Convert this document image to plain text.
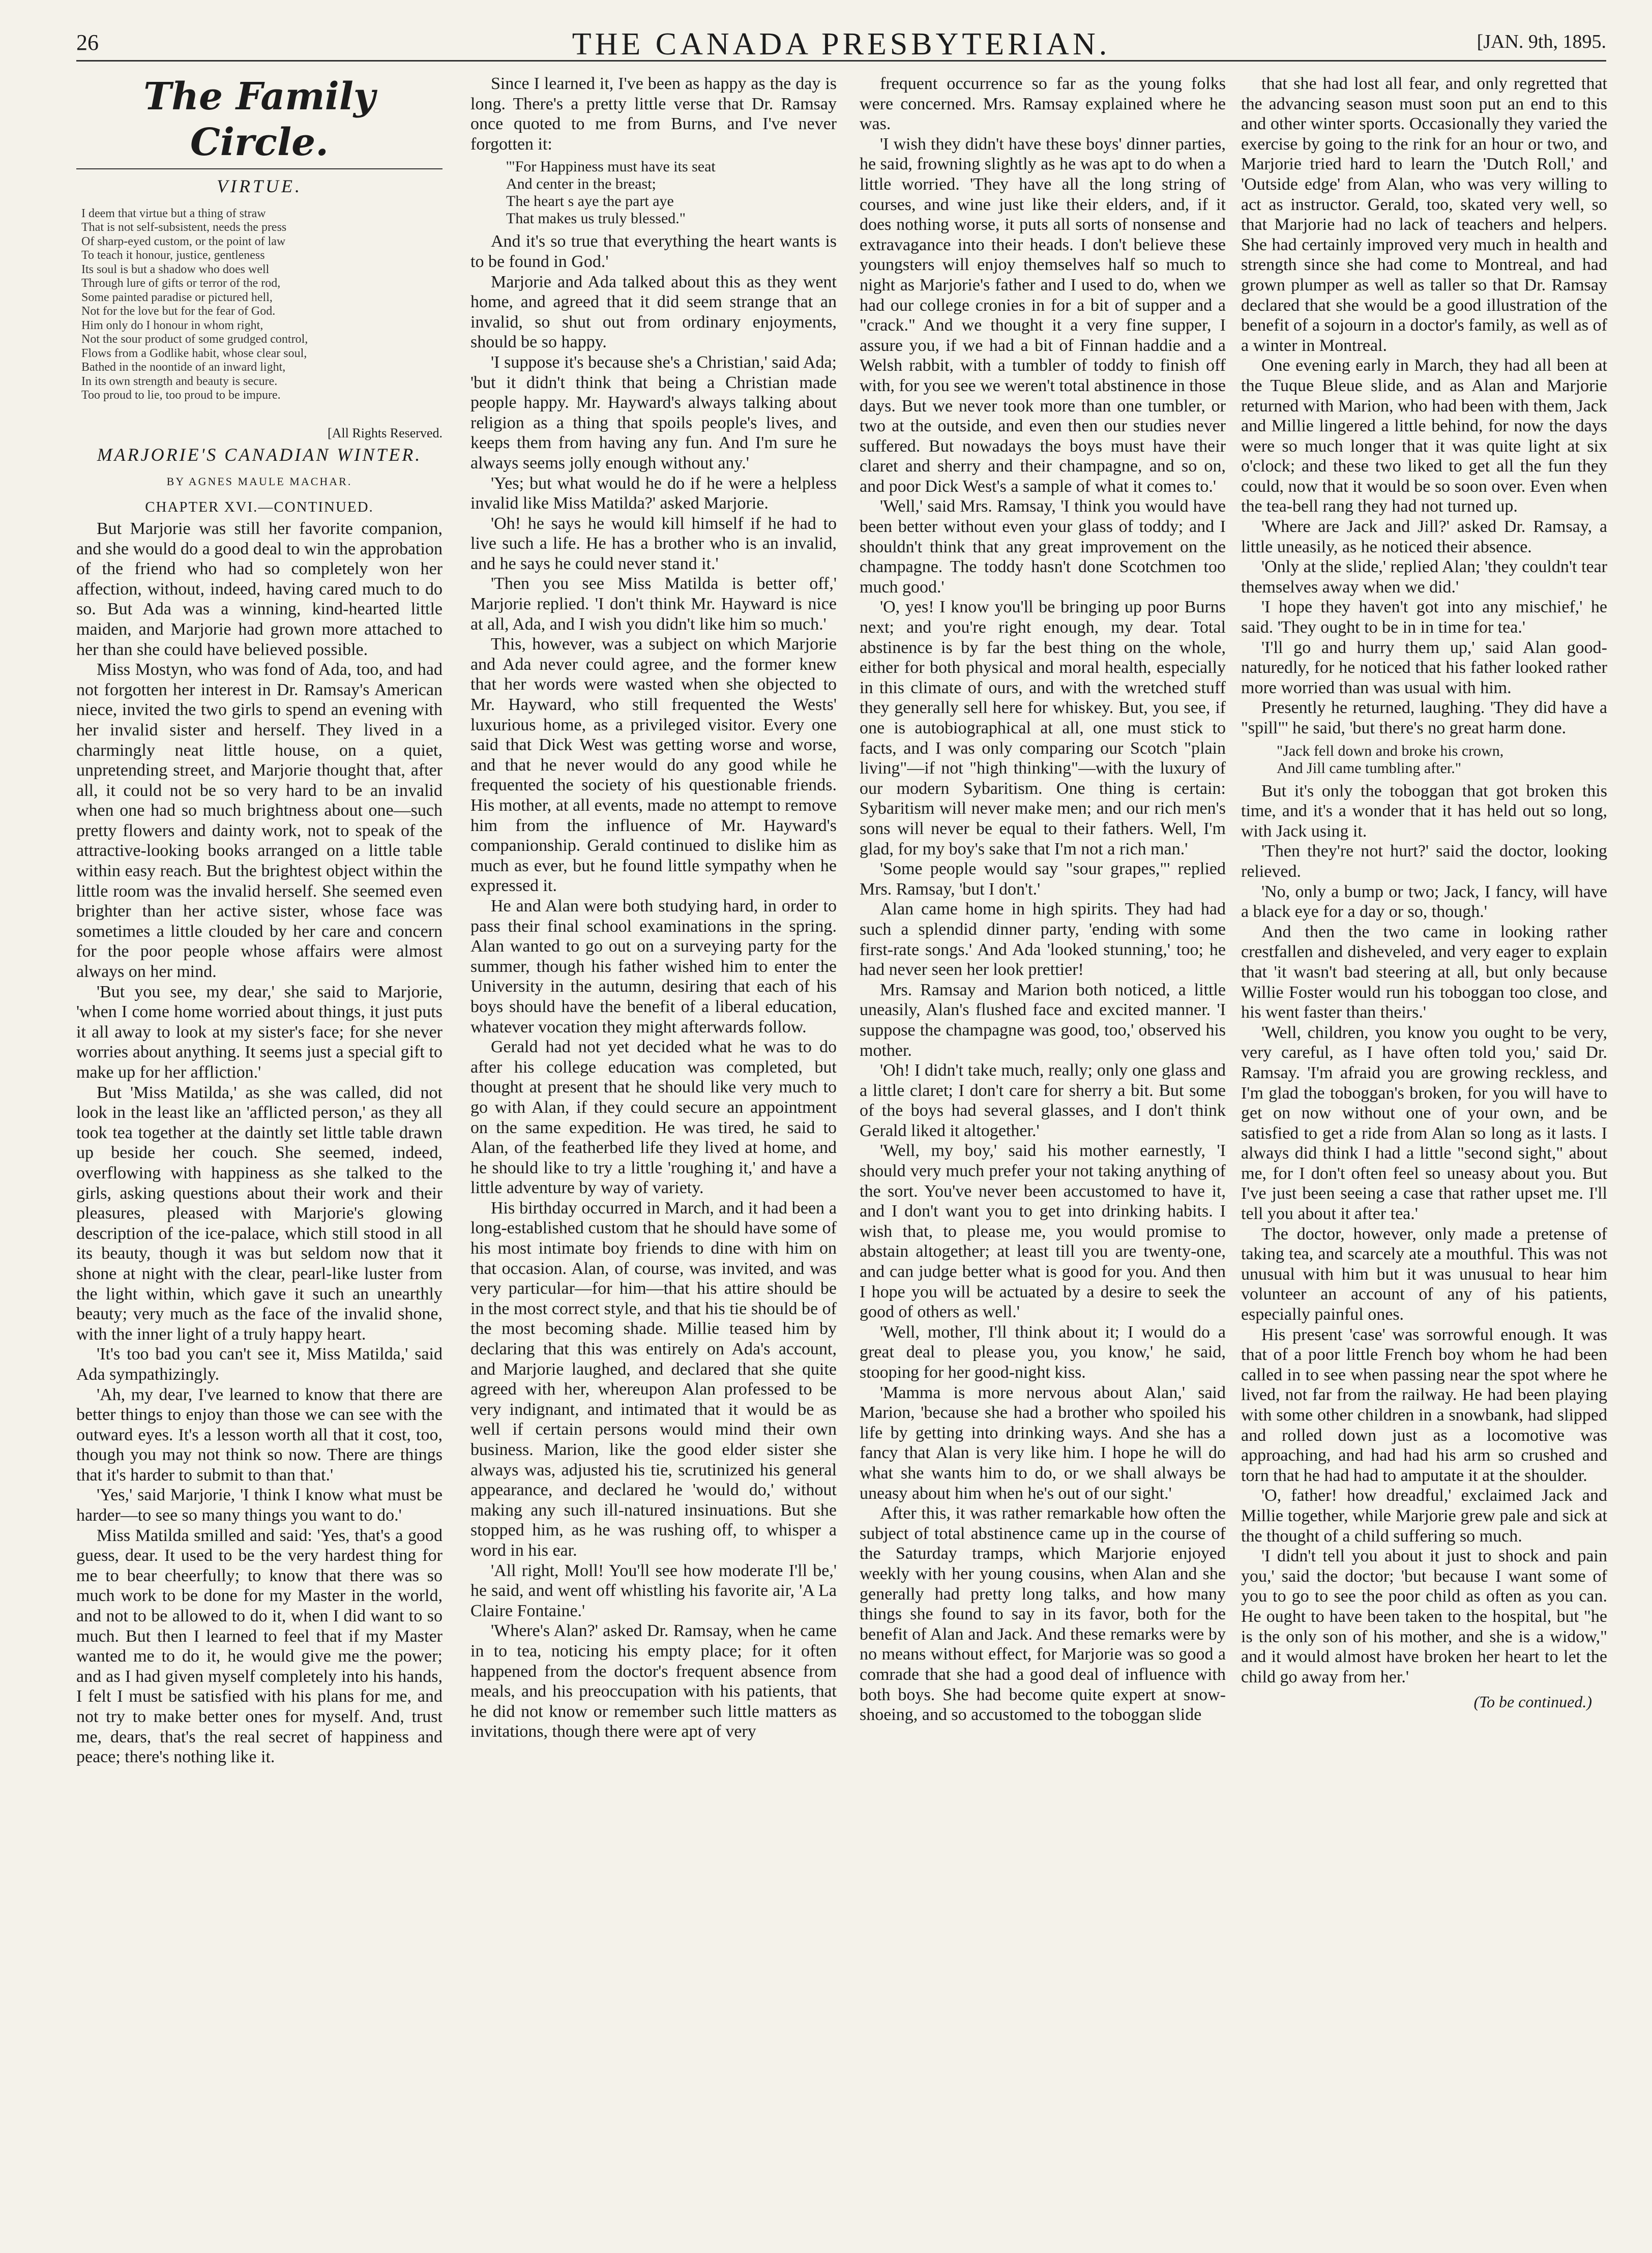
26	THE CANADA PRESBYTERIAN.	[JAN. 9th, 1895.
The Family Circle.
VIRTUE.
I deem that virtue but a thing of straw
That is not self-subsistent, needs the press
Of sharp-eyed custom, or the point of law
To teach it honour, justice, gentleness
Its soul is but a shadow who does well
Through lure of gifts or terror of the rod,
Some painted paradise or pictured hell,
Not for the love but for the fear of God.
Him only do I honour in whom right,
Not the sour product of some grudged control,
Flows from a Godlike habit, whose clear soul,
Bathed in the noontide of an inward light,
In its own strength and beauty is secure.
Too proud to lie, too proud to be impure.
[All Rights Reserved.
MARJORIE'S CANADIAN WINTER.
BY AGNES MAULE MACHAR.
CHAPTER XVI.—CONTINUED.

But Marjorie was still her favorite companion, and she would do a good deal to win the approbation of the friend who had so completely won her affection, without, indeed, having cared much to do so. But Ada was a winning, kind-hearted little maiden, and Marjorie had grown more attached to her than she could have believed possible.

Miss Mostyn, who was fond of Ada, too, and had not forgotten her interest in Dr. Ramsay's American niece, invited the two girls to spend an evening with her invalid sister and herself. They lived in a charmingly neat little house, on a quiet, unpretending street, and Marjorie thought that, after all, it could not be so very hard to be an invalid when one had so much brightness about one—such pretty flowers and dainty work, not to speak of the attractive-looking books arranged on a little table within easy reach. But the brightest object within the little room was the invalid herself. She seemed even brighter than her active sister, whose face was sometimes a little clouded by her care and concern for the poor people whose affairs were almost always on her mind.

'But you see, my dear,' she said to Marjorie, 'when I come home worried about things, it just puts it all away to look at my sister's face; for she never worries about anything. It seems just a special gift to make up for her affliction.'

But 'Miss Matilda,' as she was called, did not look in the least like an 'afflicted person,' as they all took tea together at the daintly set little table drawn up beside her couch. She seemed, indeed, overflowing with happiness as she talked to the girls, asking questions about their work and their pleasures, pleased with Marjorie's glowing description of the ice-palace, which still stood in all its beauty, though it was but seldom now that it shone at night with the clear, pearl-like luster from the light within, which gave it such an unearthly beauty; very much as the face of the invalid shone, with the inner light of a truly happy heart.

'It's too bad you can't see it, Miss Matilda,' said Ada sympathizingly.

'Ah, my dear, I've learned to know that there are better things to enjoy than those we can see with the outward eyes. It's a lesson worth all that it cost, too, though you may not think so now. There are things that it's harder to submit to than that.'

'Yes,' said Marjorie, 'I think I know what must be harder—to see so many things you want to do.'

Miss Matilda smilled and said: 'Yes, that's a good guess, dear. It used to be the very hardest thing for me to bear cheerfully; to know that there was so much work to be done for my Master in the world, and not to be allowed to do it, when I did want to so much. But then I learned to feel that if my Master wanted me to do it, he would give me the power; and as I had given myself completely into his hands, I felt I must be satisfied with his plans for me, and not try to make better ones for myself. And, trust me, dears, that's the real secret of happiness and peace; there's nothing like it.

Since I learned it, I've been as happy as the day is long. There's a pretty little verse that Dr. Ramsay once quoted to me from Burns, and I've never forgotten it:

'"For Happiness must have its seat
And center in the breast;
The heart s aye the part aye
That makes us truly blessed."

And it's so true that everything the heart wants is to be found in God.'

Marjorie and Ada talked about this as they went home, and agreed that it did seem strange that an invalid, so shut out from ordinary enjoyments, should be so happy.

'I suppose it's because she's a Christian,' said Ada; 'but it didn't think that being a Christian made people happy. Mr. Hayward's always talking about religion as a thing that spoils people's lives, and keeps them from having any fun. And I'm sure he always seems jolly enough without any.'

'Yes; but what would he do if he were a helpless invalid like Miss Matilda?' asked Marjorie.

'Oh! he says he would kill himself if he had to live such a life. He has a brother who is an invalid, and he says he could never stand it.'

'Then you see Miss Matilda is better off,' Marjorie replied. 'I don't think Mr. Hayward is nice at all, Ada, and I wish you didn't like him so much.'

This, however, was a subject on which Marjorie and Ada never could agree, and the former knew that her words were wasted when she objected to Mr. Hayward, who still frequented the Wests' luxurious home, as a privileged visitor. Every one said that Dick West was getting worse and worse, and that he never would do any good while he frequented the society of his questionable friends. His mother, at all events, made no attempt to remove him from the influence of Mr. Hayward's companionship. Gerald continued to dislike him as much as ever, but he found little sympathy when he expressed it.

He and Alan were both studying hard, in order to pass their final school examinations in the spring. Alan wanted to go out on a surveying party for the summer, though his father wished him to enter the University in the autumn, desiring that each of his boys should have the benefit of a liberal education, whatever vocation they might afterwards follow.

Gerald had not yet decided what he was to do after his college education was completed, but thought at present that he should like very much to go with Alan, if they could secure an appointment on the same expedition. He was tired, he said to Alan, of the featherbed life they lived at home, and he should like to try a little 'roughing it,' and have a little adventure by way of variety.

His birthday occurred in March, and it had been a long-established custom that he should have some of his most intimate boy friends to dine with him on that occasion. Alan, of course, was invited, and was very particular—for him—that his attire should be in the most correct style, and that his tie should be of the most becoming shade. Millie teased him by declaring that this was entirely on Ada's account, and Marjorie laughed, and declared that she quite agreed with her, whereupon Alan professed to be very indignant, and intimated that it would be as well if certain persons would mind their own business. Marion, like the good elder sister she always was, adjusted his tie, scrutinized his general appearance, and declared he 'would do,' without making any such ill-natured insinuations. But she stopped him, as he was rushing off, to whisper a word in his ear.

'All right, Moll! You'll see how moderate I'll be,' he said, and went off whistling his favorite air, 'A La Claire Fontaine.'

'Where's Alan?' asked Dr. Ramsay, when he came in to tea, noticing his empty place; for it often happened from the doctor's frequent absence from meals, and his preoccupation with his patients, that he did not know or remember such little matters as invitations, though there were apt of very

frequent occurrence so far as the young folks were concerned. Mrs. Ramsay explained where he was.

'I wish they didn't have these boys' dinner parties, he said, frowning slightly as he was apt to do when a little worried. 'They have all the long string of courses, and wine just like their elders, and, if it does nothing worse, it puts all sorts of nonsense and extravagance into their heads. I don't believe these youngsters will enjoy themselves half so much to night as Marjorie's father and I used to do, when we had our college cronies in for a bit of supper and a "crack." And we thought it a very fine supper, I assure you, if we had a bit of Finnan haddie and a Welsh rabbit, with a tumbler of toddy to finish off with, for you see we weren't total abstinence in those days. But we never took more than one tumbler, or two at the outside, and even then our studies never suffered. But nowadays the boys must have their claret and sherry and their champagne, and so on, and poor Dick West's a sample of what it comes to.'

'Well,' said Mrs. Ramsay, 'I think you would have been better without even your glass of toddy; and I shouldn't think that any great improvement on the champagne. The toddy hasn't done Scotchmen too much good.'

'O, yes! I know you'll be bringing up poor Burns next; and you're right enough, my dear. Total abstinence is by far the best thing on the whole, either for both physical and moral health, especially in this climate of ours, and with the wretched stuff they generally sell here for whiskey. But, you see, if one is autobiographical at all, one must stick to facts, and I was only comparing our Scotch "plain living"—if not "high thinking"—with the luxury of our modern Sybaritism. One thing is certain: Sybaritism will never make men; and our rich men's sons will never be equal to their fathers. Well, I'm glad, for my boy's sake that I'm not a rich man.'

'Some people would say "sour grapes,"' replied Mrs. Ramsay, 'but I don't.'

Alan came home in high spirits. They had had such a splendid dinner party, 'ending with some first-rate songs.' And Ada 'looked stunning,' too; he had never seen her look prettier!

Mrs. Ramsay and Marion both noticed, a little uneasily, Alan's flushed face and excited manner. 'I suppose the champagne was good, too,' observed his mother.

'Oh! I didn't take much, really; only one glass and a little claret; I don't care for sherry a bit. But some of the boys had several glasses, and I don't think Gerald liked it altogether.'

'Well, my boy,' said his mother earnestly, 'I should very much prefer your not taking anything of the sort. You've never been accustomed to have it, and I don't want you to get into drinking habits. I wish that, to please me, you would promise to abstain altogether; at least till you are twenty-one, and can judge better what is good for you. And then I hope you will be actuated by a desire to seek the good of others as well.'

'Well, mother, I'll think about it; I would do a great deal to please you, you know,' he said, stooping for her good-night kiss.

'Mamma is more nervous about Alan,' said Marion, 'because she had a brother who spoiled his life by getting into drinking ways. And she has a fancy that Alan is very like him. I hope he will do what she wants him to do, or we shall always be uneasy about him when he's out of our sight.'

After this, it was rather remarkable how often the subject of total abstinence came up in the course of the Saturday tramps, which Marjorie enjoyed weekly with her young cousins, when Alan and she generally had pretty long talks, and how many things she found to say in its favor, both for the benefit of Alan and Jack. And these remarks were by no means without effect, for Marjorie was so good a comrade that she had a good deal of influence with both boys. She had become quite expert at snow-shoeing, and so accustomed to the toboggan slide

that she had lost all fear, and only regretted that the advancing season must soon put an end to this and other winter sports. Occasionally they varied the exercise by going to the rink for an hour or two, and Marjorie tried hard to learn the 'Dutch Roll,' and 'Outside edge' from Alan, who was very willing to act as instructor. Gerald, too, skated very well, so that Marjorie had no lack of teachers and helpers. She had certainly improved very much in health and strength since she had come to Montreal, and had grown plumper as well as taller so that Dr. Ramsay declared that she would be a good illustration of the benefit of a sojourn in a doctor's family, as well as of a winter in Montreal.

One evening early in March, they had all been at the Tuque Bleue slide, and as Alan and Marjorie returned with Marion, who had been with them, Jack and Millie lingered a little behind, for now the days were so much longer that it was quite light at six o'clock; and these two liked to get all the fun they could, now that it would be so soon over. Even when the tea-bell rang they had not turned up.

'Where are Jack and Jill?' asked Dr. Ramsay, a little uneasily, as he noticed their absence.

'Only at the slide,' replied Alan; 'they couldn't tear themselves away when we did.'

'I hope they haven't got into any mischief,' he said. 'They ought to be in in time for tea.'

'I'll go and hurry them up,' said Alan good-naturedly, for he noticed that his father looked rather more worried than was usual with him.

Presently he returned, laughing. 'They did have a "spill"' he said, 'but there's no great harm done.

"Jack fell down and broke his crown,
And Jill came tumbling after."

But it's only the toboggan that got broken this time, and it's a wonder that it has held out so long, with Jack using it.

'Then they're not hurt?' said the doctor, looking relieved.

'No, only a bump or two; Jack, I fancy, will have a black eye for a day or so, though.'

And then the two came in looking rather crestfallen and disheveled, and very eager to explain that 'it wasn't bad steering at all, but only because Willie Foster would run his toboggan too close, and his went faster than theirs.'

'Well, children, you know you ought to be very, very careful, as I have often told you,' said Dr. Ramsay. 'I'm afraid you are growing reckless, and I'm glad the toboggan's broken, for you will have to get on now without one of your own, and be satisfied to get a ride from Alan so long as it lasts. I always did think I had a little "second sight," about me, for I don't often feel so uneasy about you. But I've just been seeing a case that rather upset me. I'll tell you about it after tea.'

The doctor, however, only made a pretense of taking tea, and scarcely ate a mouthful. This was not unusual with him but it was unusual to hear him volunteer an account of any of his patients, especially painful ones.

His present 'case' was sorrowful enough. It was that of a poor little French boy whom he had been called in to see when passing near the spot where he lived, not far from the railway. He had been playing with some other children in a snowbank, had slipped and rolled down just as a locomotive was approaching, and had had his arm so crushed and torn that he had had to amputate it at the shoulder.

'O, father! how dreadful,' exclaimed Jack and Millie together, while Marjorie grew pale and sick at the thought of a child suffering so much.

'I didn't tell you about it just to shock and pain you,' said the doctor; 'but because I want some of you to go to see the poor child as often as you can. He ought to have been taken to the hospital, but "he is the only son of his mother, and she is a widow," and it would almost have broken her heart to let the child go away from her.'

(To be continued.)
